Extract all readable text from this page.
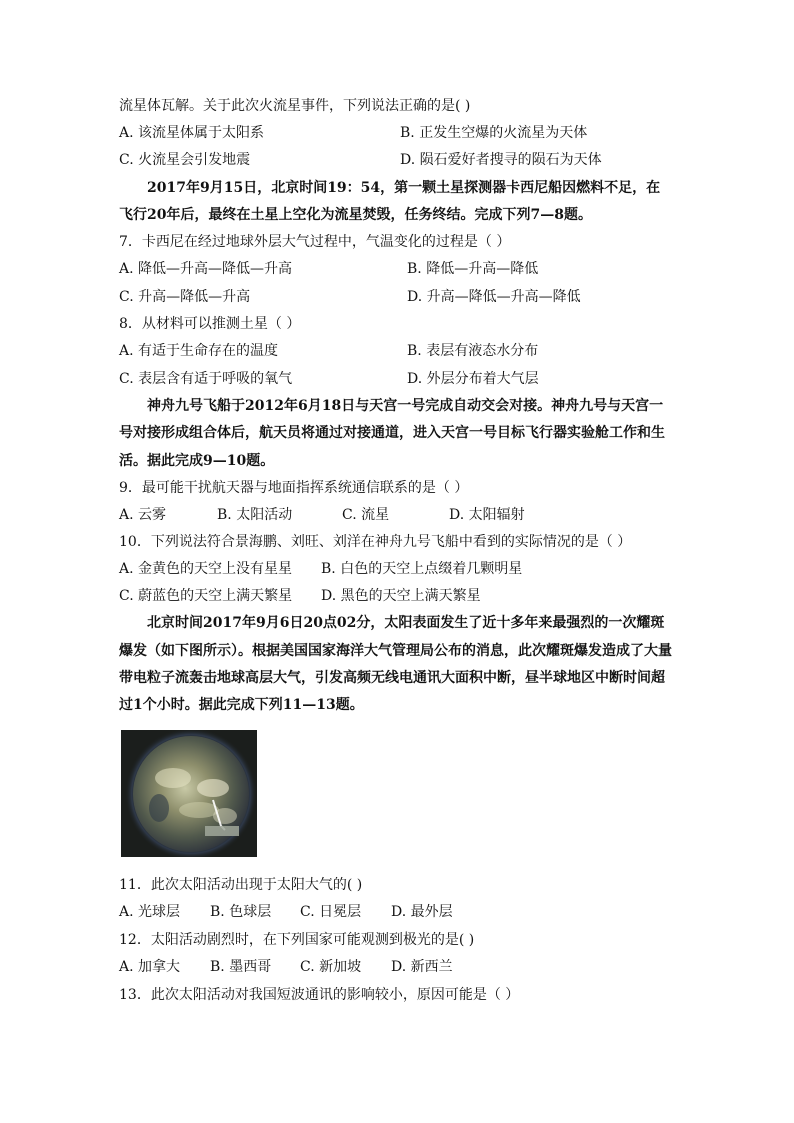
流星体瓦解。关于此次火流星事件，下列说法正确的是( )
A. 该流星体属于太阳系	B. 正发生空爆的火流星为天体
C. 火流星会引发地震	D. 陨石爱好者搜寻的陨石为天体
2017年9月15日，北京时间19：54，第一颗土星探测器卡西尼船因燃料不足，在
飞行20年后，最终在土星上空化为流星焚毁，任务终结。完成下列7—8题。
7．卡西尼在经过地球外层大气过程中，气温变化的过程是（ ）
A. 降低—升高—降低—升高	B. 降低—升高—降低
C. 升高—降低—升高	D. 升高—降低—升高—降低
8．从材料可以推测土星（ ）
A. 有适于生命存在的温度	B. 表层有液态水分布
C. 表层含有适于呼吸的氧气	D. 外层分布着大气层
神舟九号飞船于2012年6月18日与天宫一号完成自动交会对接。神舟九号与天宫一
号对接形成组合体后，航天员将通过对接通道，进入天宫一号目标飞行器实验舱工作和生
活。据此完成9—10题。
9．最可能干扰航天器与地面指挥系统通信联系的是（ ）
A. 云雾	B. 太阳活动	C. 流星	D. 太阳辐射
10．下列说法符合景海鹏、刘旺、刘洋在神舟九号飞船中看到的实际情况的是（ ）
A. 金黄色的天空上没有星星 B. 白色的天空上点缀着几颗明星
C. 蔚蓝色的天空上满天繁星 D. 黑色的天空上满天繁星
北京时间2017年9月6日20点02分，太阳表面发生了近十多年来最强烈的一次耀斑
爆发（如下图所示）。根据美国国家海洋大气管理局公布的消息，此次耀斑爆发造成了大量
带电粒子流轰击地球高层大气，引发高频无线电通讯大面积中断，昼半球地区中断时间超
过1个小时。据此完成下列11—13题。
11．此次太阳活动出现于太阳大气的( )
A. 光球层 B. 色球层 C. 日冕层 D. 最外层
12．太阳活动剧烈时，在下列国家可能观测到极光的是( )
A. 加拿大 B. 墨西哥 C. 新加坡 D. 新西兰
13．此次太阳活动对我国短波通讯的影响较小，原因可能是（ ）
